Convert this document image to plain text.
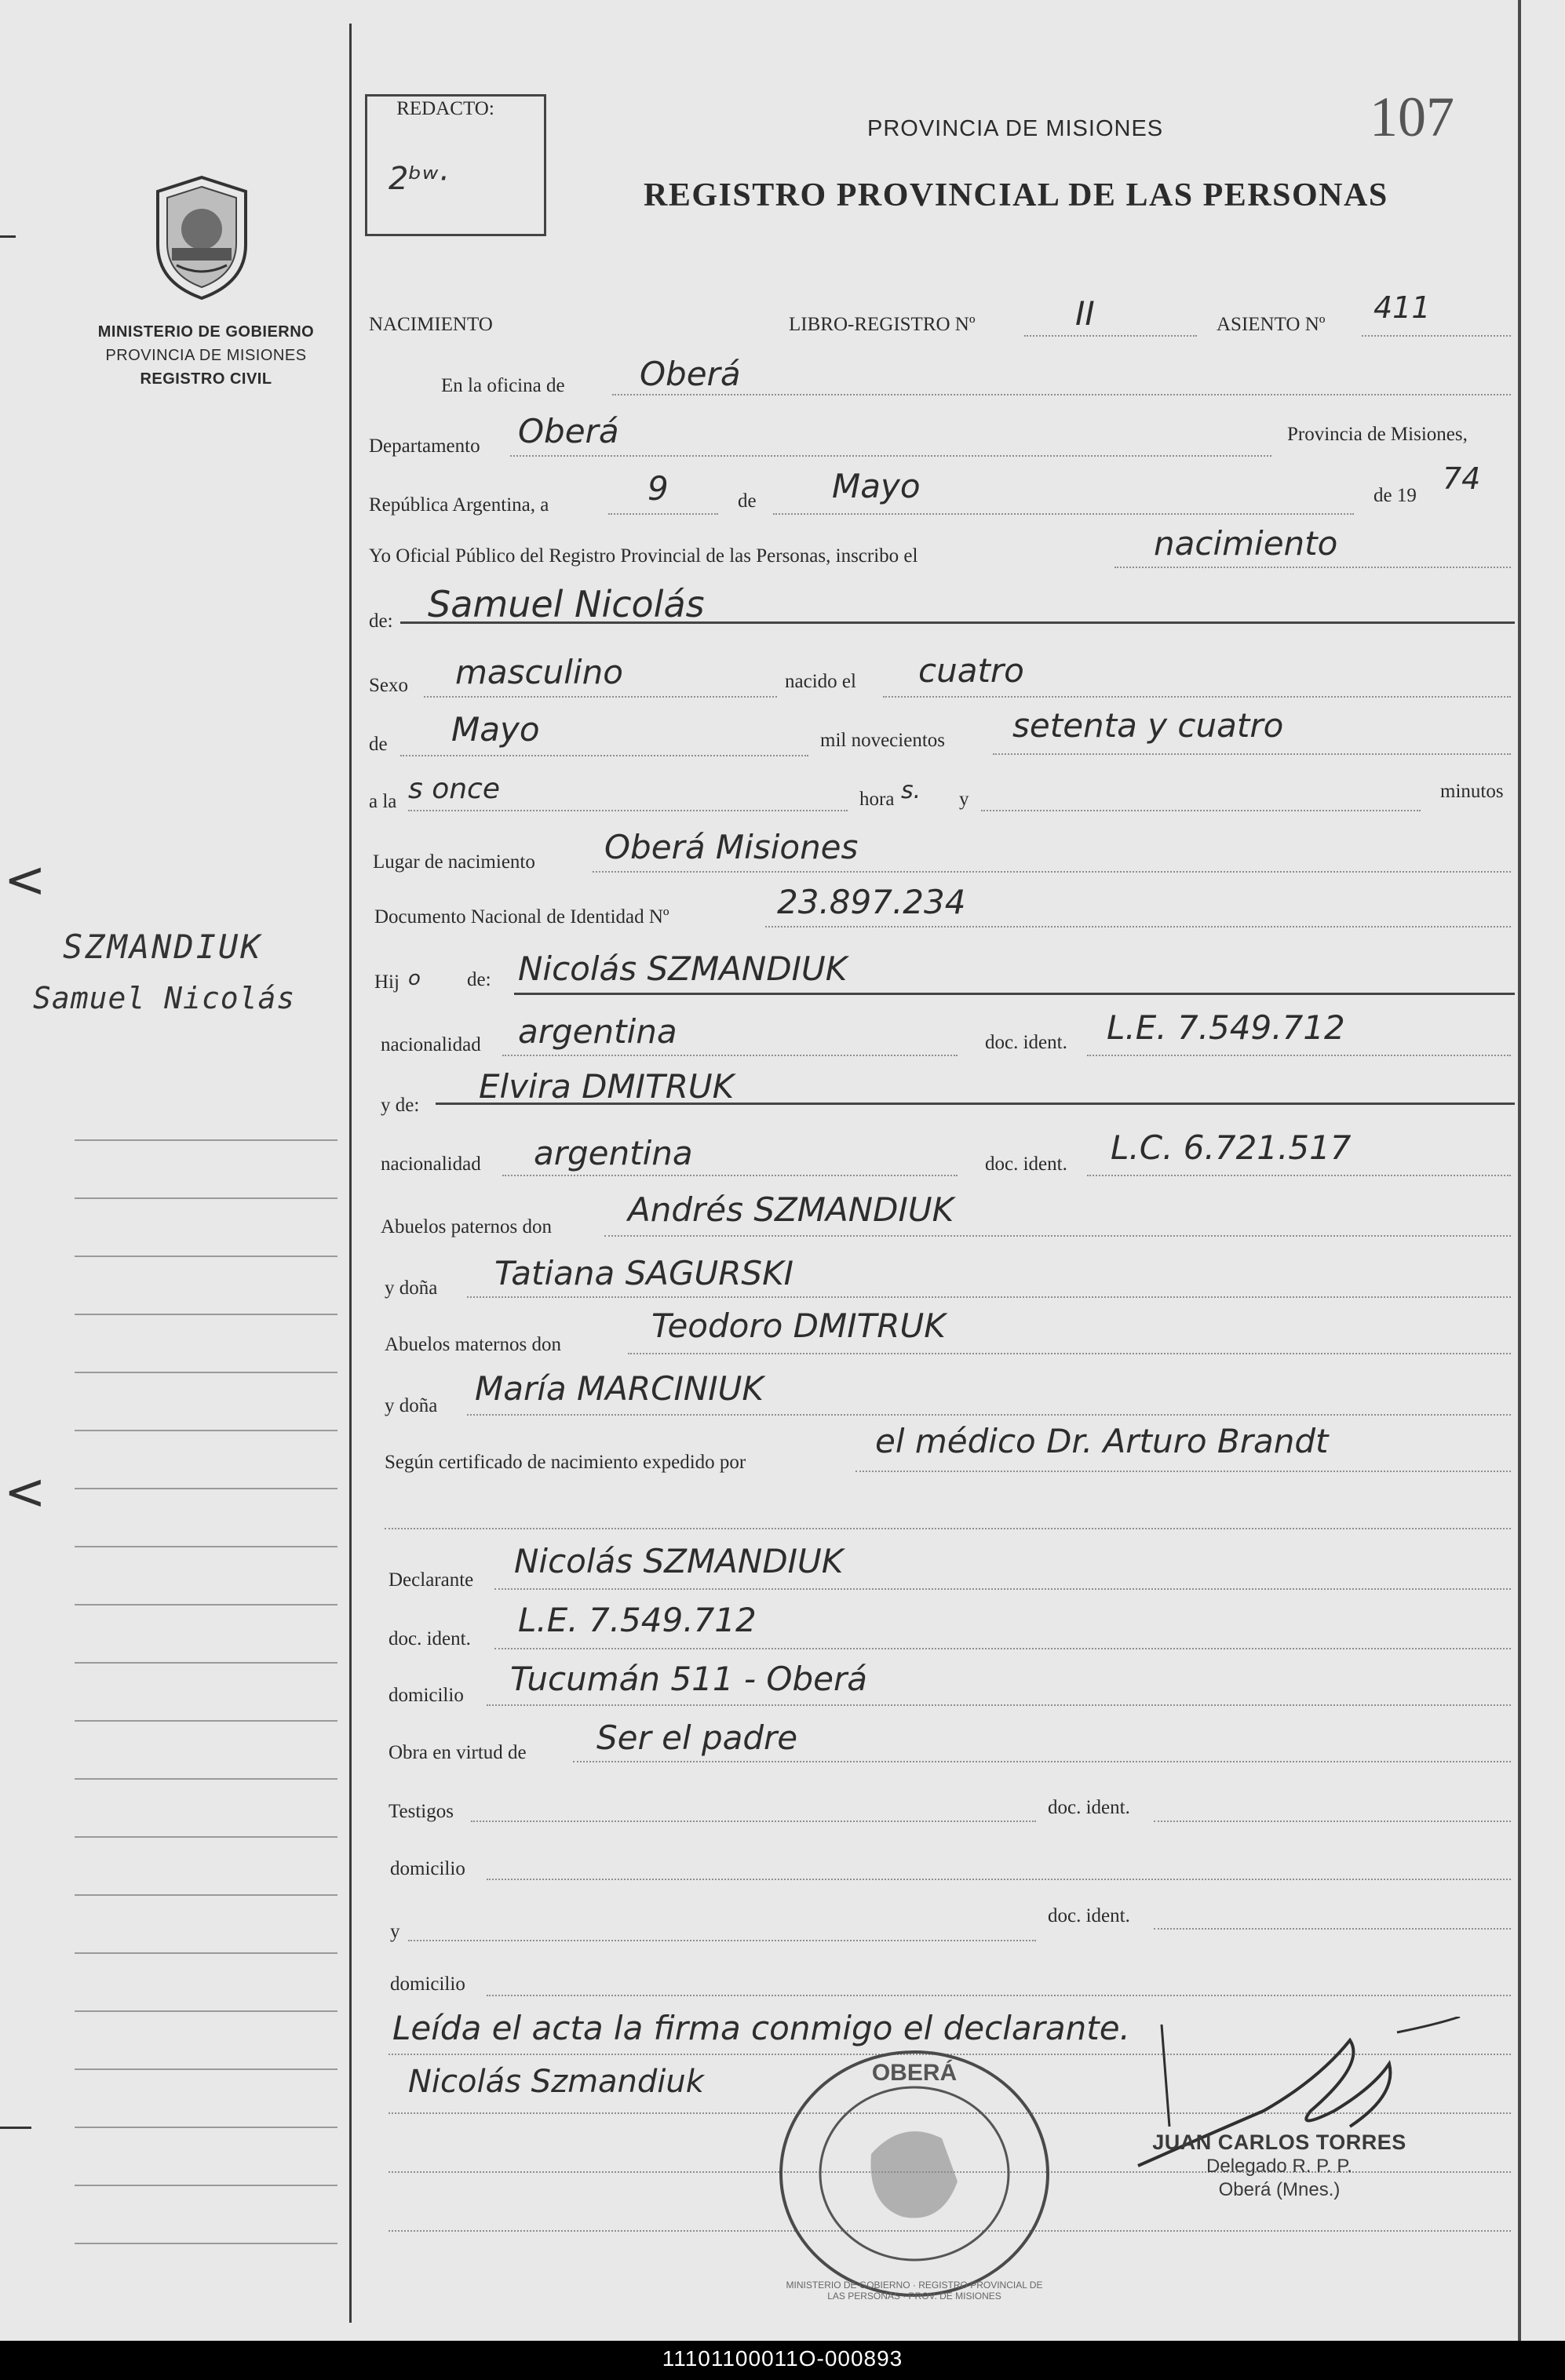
MINISTERIO DE GOBIERNO
PROVINCIA DE MISIONES
REGISTRO CIVIL
<
<
SZMANDIUK
Samuel Nicolás
REDACTO:
2ᵇʷ·
PROVINCIA DE MISIONES	107
REGISTRO PROVINCIAL DE LAS PERSONAS
NACIMIENTO	LIBRO-REGISTRO Nº	II	ASIENTO Nº 411
En la oficina de Oberá
Departamento Oberá	Provincia de Misiones,
República Argentina, a	9	de Mayo	de 19 74
Yo Oficial Público del Registro Provincial de las Personas, inscribo el	nacimiento
de: Samuel Nicolás
Sexo masculino	nacido el cuatro
de Mayo	mil novecientos setenta y cuatro
a la s once	hora s. y	minutos
Lugar de nacimiento Oberá Misiones
Documento Nacional de Identidad Nº	23.897.234
Hij o de: Nicolás SZMANDIUK
nacionalidad argentina	doc. ident. L.E. 7.549.712
y de: Elvira DMITRUK
nacionalidad argentina	doc. ident. L.C. 6.721.517
Abuelos paternos don Andrés SZMANDIUK
y doña Tatiana SAGURSKI
Abuelos maternos don	Teodoro DMITRUK
y doña María MARCINIUK
Según certificado de nacimiento expedido por
el médico Dr. Arturo Brandt
Declarante Nicolás SZMANDIUK
doc. ident. L.E. 7.549.712
domicilio Tucumán 511 - Oberá
Obra en virtud de Ser el padre
Testigos	doc. ident.
domicilio
y
doc. ident.
domicilio
Leída el acta la firma conmigo el declarante.
Nicolás Szmandiuk	OBERÁ
MINISTERIO DE GOBIERNO · REGISTRO PROVINCIAL DE LAS PERSONAS · PROV. DE MISIONES
JUAN CARLOS TORRES
Delegado R. P. P.
Oberá (Mnes.)
11101100011O-000893
